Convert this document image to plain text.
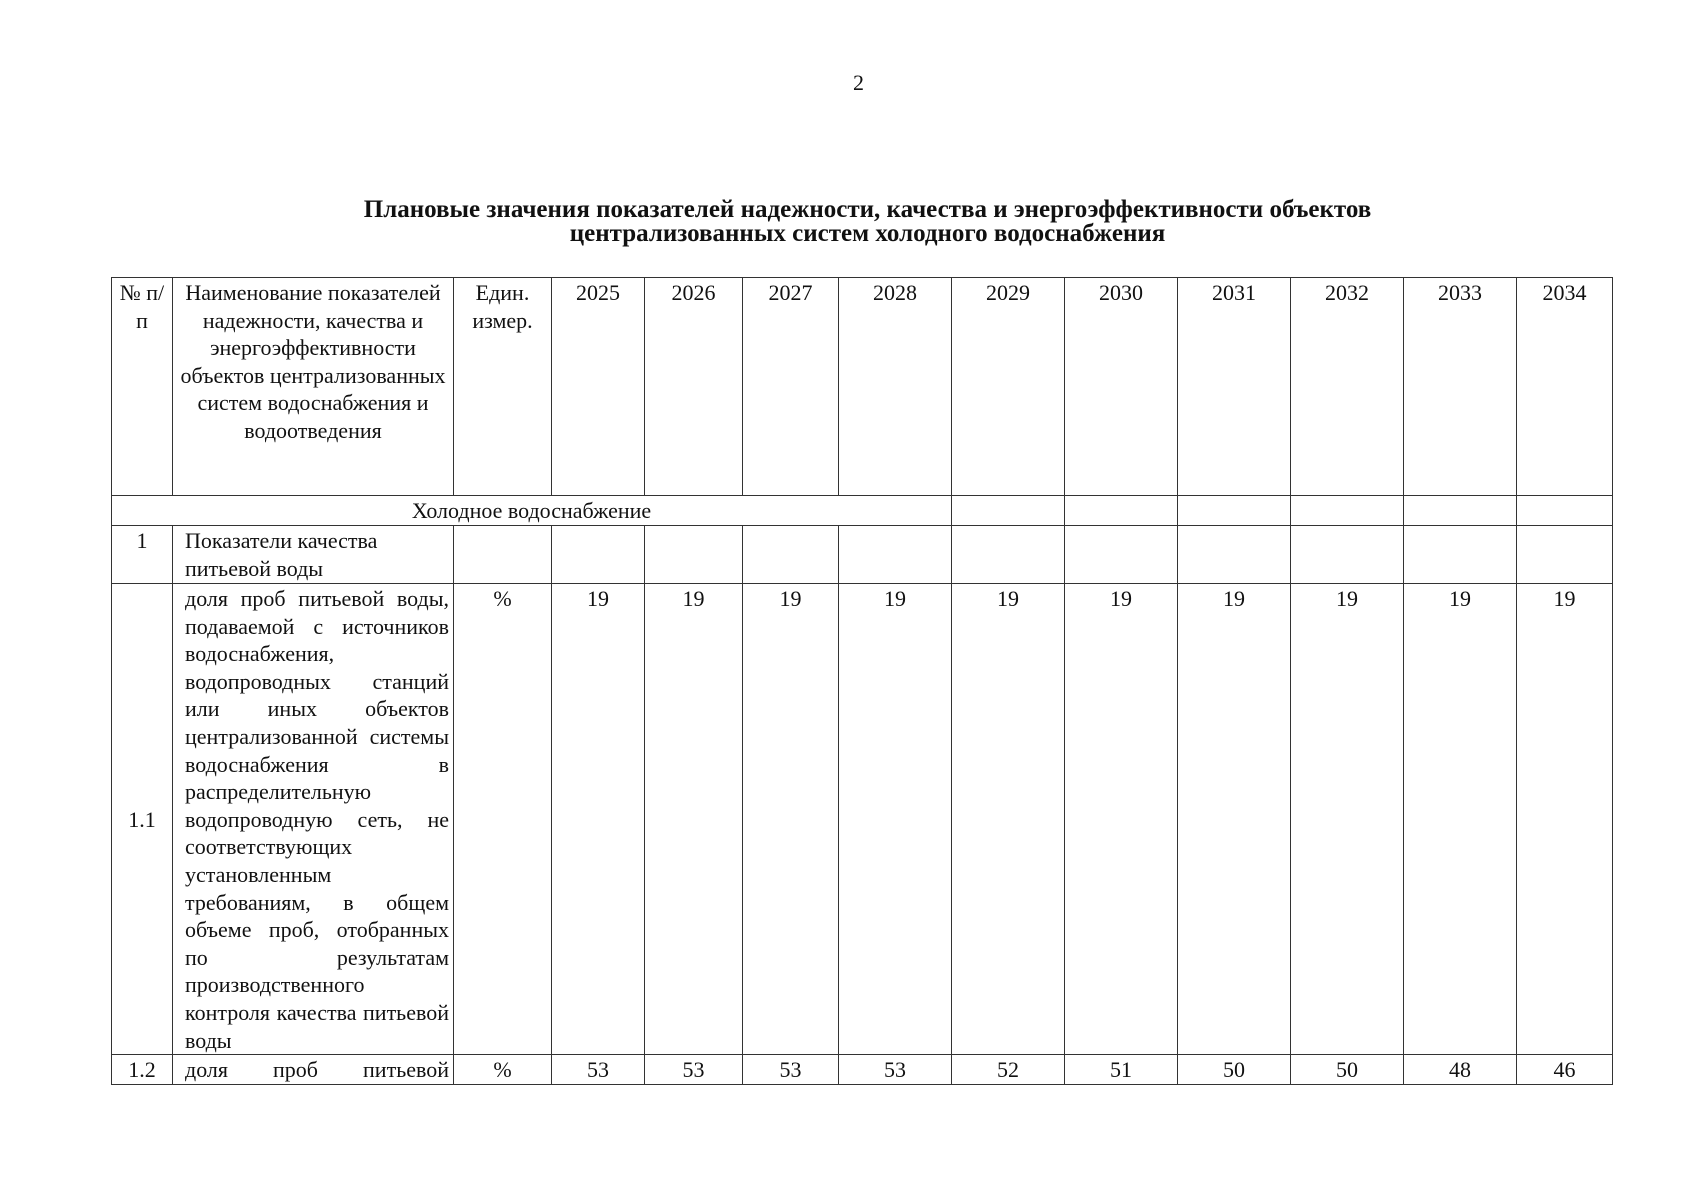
2
Плановые значения показателей надежности, качества и энергоэффективности объектов
централизованных систем холодного водоснабжения
№ п/п	Наименование показателей надежности, качества и энергоэффективности объектов централизованных систем водоснабжения и водоотведения	Един. измер.	2025	2026	2027	2028	2029	2030	2031	2032	2033	2034
Холодное водоснабжение												
1	Показатели качества питьевой воды											
1.1	доля проб питьевой воды, подаваемой с источников водоснабжения, водопроводных станций или иных объектов централизованной системы водоснабжения в распределительную водопроводную сеть, не соответствующих установленным требованиям, в общем объеме проб, отобранных по результатам производственного контроля качества питьевой воды	%	19	19	19	19	19	19	19	19	19	19
1.2	доля проб питьевой	%	53	53	53	53	52	51	50	50	48	46
